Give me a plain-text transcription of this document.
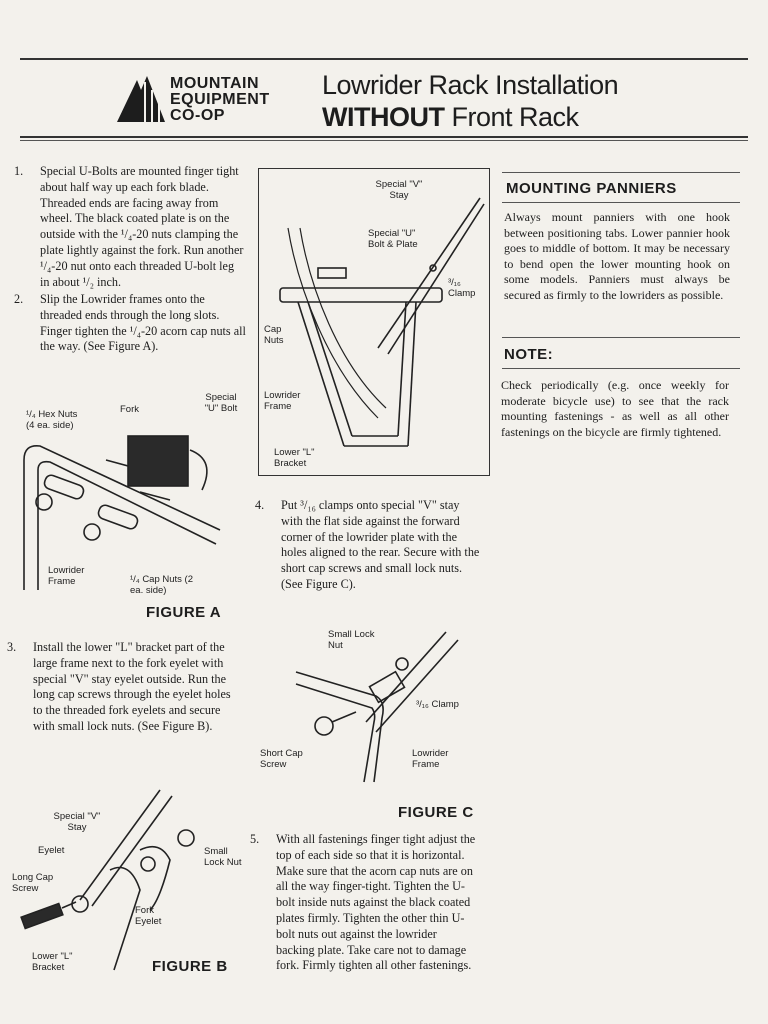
MOUNTAIN
EQUIPMENT
CO-OP
Lowrider Rack Installation
WITHOUT Front Rack
1. Special U-Bolts are mounted finger tight about half way up each fork blade. Threaded ends are facing away from wheel. The black coated plate is on the outside with the ¹/₄-20 nuts clamping the plate lightly against the fork. Run another ¹/₄-20 nut onto each threaded U-bolt leg in about ¹/₂ inch.
2. Slip the Lowrider frames onto the threaded ends through the long slots. Finger tighten the ¹/₄-20 acorn cap nuts all the way. (See Figure A).
Special "V" Stay
Special "U" Bolt & Plate
³/₁₆ Clamp
Cap Nuts
Lowrider Frame
Lower "L" Bracket
MOUNTING PANNIERS
Always mount panniers with one hook between positioning tabs. Lower pannier hook goes to middle of bottom. It may be necessary to bend open the lower mounting hook on some models. Panniers must always be secured as firmly to the lowriders as possible.
NOTE:
Check periodically (e.g. once weekly for moderate bicycle use) to see that the rack mounting fastenings - as well as all other fastenings on the bicycle are firmly tightened.
¹/₄ Hex Nuts (4 ea. side)
Fork
Special "U" Bolt
Lowrider Frame	¹/₄ Cap Nuts (2 ea. side)
FIGURE A
3. Install the lower "L" bracket part of the large frame next to the fork eyelet with special "V" stay eyelet outside. Run the long cap screws through the eyelet holes to the threaded fork eyelets and secure with small lock nuts. (See Figure B).
4. Put ³/₁₆ clamps onto special "V" stay with the flat side against the forward corner of the lowrider plate with the holes aligned to the rear. Secure with the short cap screws and small lock nuts. (See Figure C).
Small Lock Nut
³/₁₆ Clamp
Short Cap Screw
Lowrider Frame
FIGURE C
Special "V" Stay
Eyelet	Small Lock Nut
Long Cap Screw
Fork Eyelet
Lower "L" Bracket	FIGURE B
5. With all fastenings finger tight adjust the top of each side so that it is horizontal. Make sure that the acorn cap nuts are on all the way finger-tight. Tighten the U-bolt inside nuts against the black coated plates firmly. Tighten the other thin U-bolt nuts out against the lowrider backing plate. Take care not to damage fork. Firmly tighten all other fastenings.
